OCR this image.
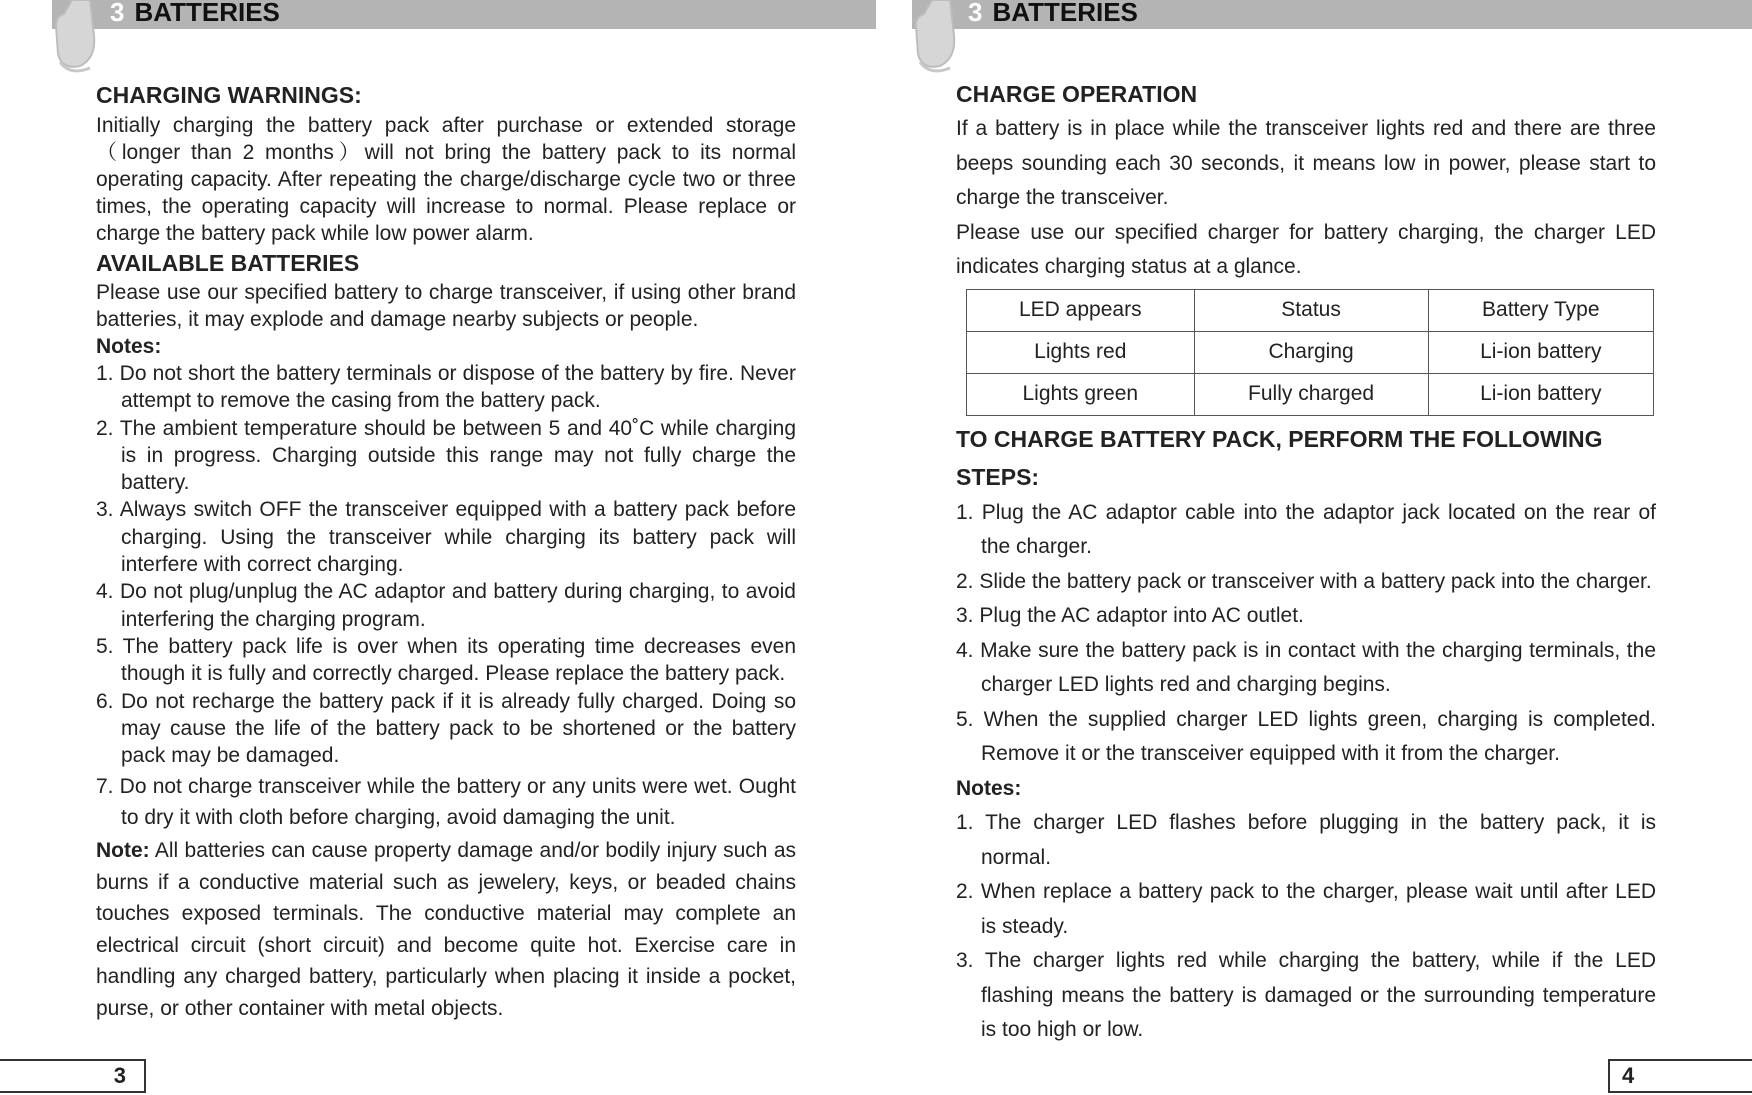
3 BATTERIES	3 BATTERIES
CHARGING WARNINGS:
Initially charging the battery pack after purchase or extended storage （longer than 2 months）will not bring the battery pack to its normal operating capacity. After repeating the charge/discharge cycle two or three times, the operating capacity will increase to normal. Please replace or charge the battery pack while low power alarm.
AVAILABLE BATTERIES
Please use our specified battery to charge transceiver, if using other brand batteries, it may explode and damage nearby subjects or people.
Notes:
1. Do not short the battery terminals or dispose of the battery by fire. Never attempt to remove the casing from the battery pack.
2. The ambient temperature should be between 5 and 40˚C while charging is in progress. Charging outside this range may not fully charge the battery.
3. Always switch OFF the transceiver equipped with a battery pack before charging. Using the transceiver while charging its battery pack will interfere with correct charging.
4. Do not plug/unplug the AC adaptor and battery during charging, to avoid interfering the charging program.
5. The battery pack life is over when its operating time decreases even though it is fully and correctly charged. Please replace the battery pack.
6. Do not recharge the battery pack if it is already fully charged. Doing so may cause the life of the battery pack to be shortened or the battery pack may be damaged.
7. Do not charge transceiver while the battery or any units were wet. Ought to dry it with cloth before charging, avoid damaging the unit.
Note: All batteries can cause property damage and/or bodily injury such as burns if a conductive material such as jewelery, keys, or beaded chains touches exposed terminals. The conductive material may complete an electrical circuit (short circuit) and become quite hot. Exercise care in handling any charged battery, particularly when placing it inside a pocket, purse, or other container with metal objects.
CHARGE OPERATION
If a battery is in place while the transceiver lights red and there are three beeps sounding each 30 seconds, it means low in power, please start to charge the transceiver.
Please use our specified charger for battery charging, the charger LED indicates charging status at a glance.
LED appears	Status	Battery Type
Lights red	Charging	Li-ion battery
Lights green	Fully charged	Li-ion battery
TO CHARGE BATTERY PACK, PERFORM THE FOLLOWING STEPS:
1. Plug the AC adaptor cable into the adaptor jack located on the rear of the charger.
2. Slide the battery pack or transceiver with a battery pack into the charger.
3. Plug the AC adaptor into AC outlet.
4. Make sure the battery pack is in contact with the charging terminals, the charger LED lights red and charging begins.
5. When the supplied charger LED lights green, charging is completed. Remove it or the transceiver equipped with it from the charger.
Notes:
1. The charger LED flashes before plugging in the battery pack, it is normal.
2. When replace a battery pack to the charger, please wait until after LED is steady.
3. The charger lights red while charging the battery, while if the LED flashing means the battery is damaged or the surrounding temperature is too high or low.
3	4
